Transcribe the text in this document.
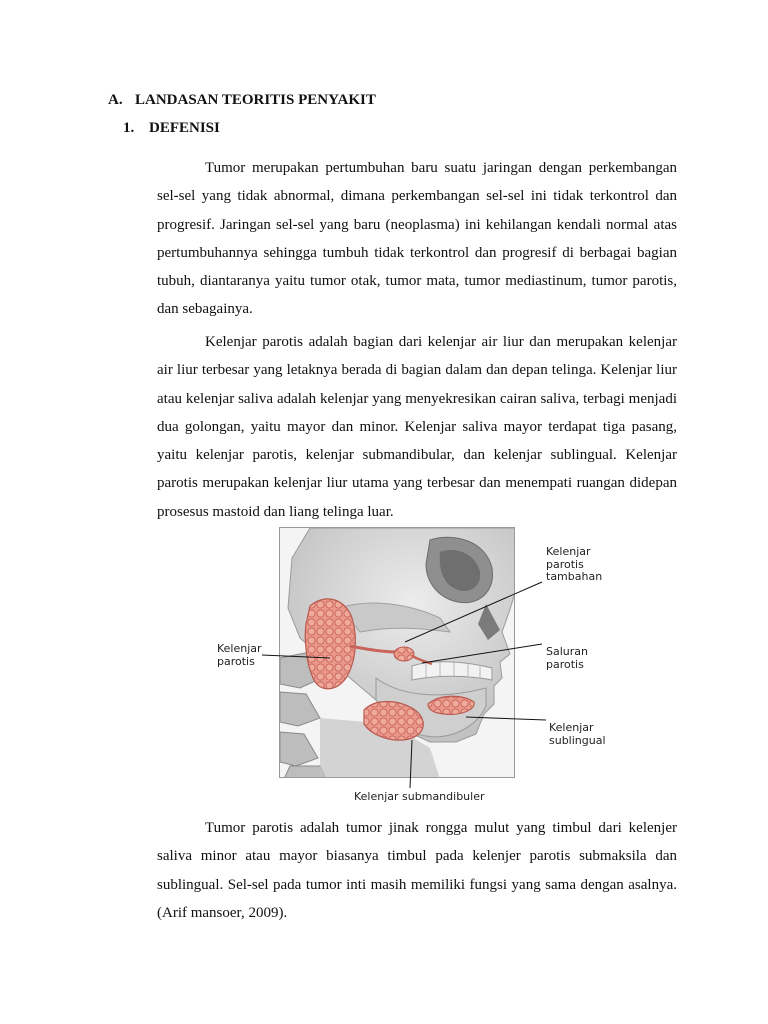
A. LANDASAN TEORITIS PENYAKIT
1. DEFENISI

Tumor merupakan pertumbuhan baru suatu jaringan dengan perkembangan sel-sel yang tidak abnormal, dimana perkembangan sel-sel ini tidak terkontrol dan progresif. Jaringan sel-sel yang baru (neoplasma) ini kehilangan kendali normal atas pertumbuhannya sehingga tumbuh tidak terkontrol dan progresif di berbagai bagian tubuh, diantaranya yaitu tumor otak, tumor mata, tumor mediastinum, tumor parotis, dan sebagainya.

Kelenjar parotis adalah bagian dari kelenjar air liur dan merupakan kelenjar air liur terbesar yang letaknya berada di bagian dalam dan depan telinga. Kelenjar liur atau kelenjar saliva adalah kelenjar yang menyekresikan cairan saliva, terbagi menjadi dua golongan, yaitu mayor dan minor. Kelenjar saliva mayor terdapat tiga pasang, yaitu kelenjar parotis, kelenjar submandibular, dan kelenjar sublingual. Kelenjar parotis merupakan kelenjar liur utama yang terbesar dan menempati ruangan didepan prosesus mastoid dan liang telinga luar.

Kelenjar
parotis
Kelenjar
parotis
tambahan
Saluran
parotis
Kelenjar
sublingual
Kelenjar submandibuler

Tumor parotis adalah tumor jinak rongga mulut yang timbul dari kelenjer saliva minor atau mayor biasanya timbul pada kelenjer parotis submaksila dan sublingual. Sel-sel pada tumor inti masih memiliki fungsi yang sama dengan asalnya. (Arif mansoer, 2009).
